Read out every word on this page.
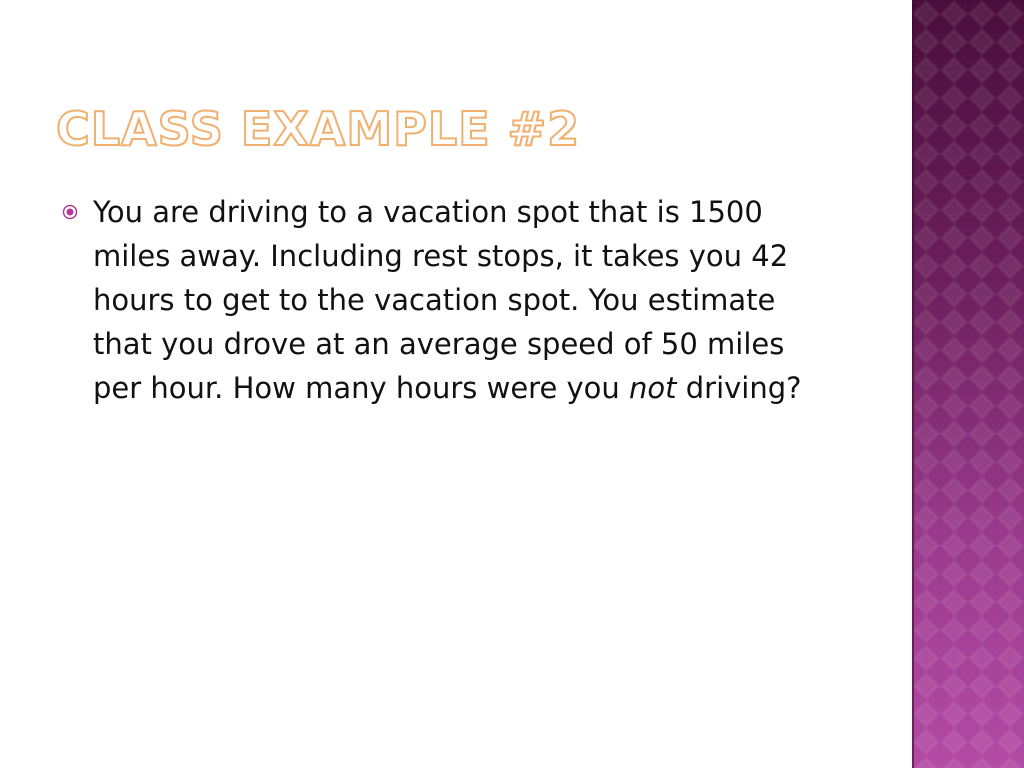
CLASS EXAMPLE #2
You are driving to a vacation spot that is 1500 miles away. Including rest stops, it takes you 42 hours to get to the vacation spot. You estimate that you drove at an average speed of 50 miles per hour. How many hours were you not driving?
